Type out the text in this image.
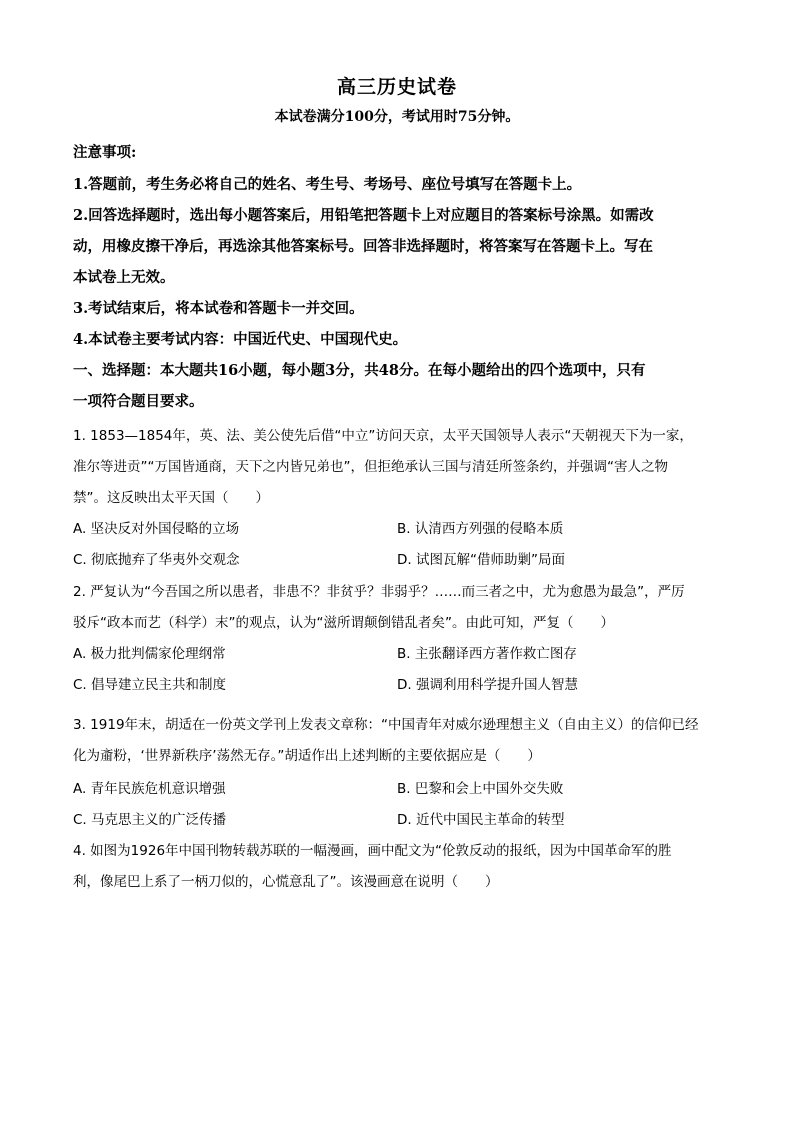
高三历史试卷
本试卷满分100分，考试用时75分钟。
注意事项:
1.答题前，考生务必将自己的姓名、考生号、考场号、座位号填写在答题卡上。
2.回答选择题时，选出每小题答案后，用铅笔把答题卡上对应题目的答案标号涂黑。如需改
动，用橡皮擦干净后，再选涂其他答案标号。回答非选择题时，将答案写在答题卡上。写在
本试卷上无效。
3.考试结束后，将本试卷和答题卡一并交回。
4.本试卷主要考试内容：中国近代史、中国现代史。
一、选择题：本大题共16小题，每小题3分，共48分。在每小题给出的四个选项中，只有
一项符合题目要求。
1. 1853—1854年，英、法、美公使先后借“中立”访问天京，太平天国领导人表示“天朝视天下为一家，
准尔等进贡”“万国皆通商，天下之内皆兄弟也”，但拒绝承认三国与清廷所签条约，并强调“害人之物
禁”。这反映出太平天国（　　）
A. 坚决反对外国侵略的立场	B. 认清西方列强的侵略本质
C. 彻底抛弃了华夷外交观念	D. 试图瓦解“借师助剿”局面
2. 严复认为“今吾国之所以患者，非患不？非贫乎？非弱乎？……而三者之中，尤为愈愚为最急”，严厉
驳斥“政本而艺（科学）末”的观点，认为“滋所谓颠倒错乱者矣”。由此可知，严复（　　）
A. 极力批判儒家伦理纲常	B. 主张翻译西方著作救亡图存
C. 倡导建立民主共和制度	D. 强调利用科学提升国人智慧
3. 1919年末，胡适在一份英文学刊上发表文章称：“中国青年对威尔逊理想主义（自由主义）的信仰已经
化为齑粉，‘世界新秩序’荡然无存。”胡适作出上述判断的主要依据应是（　　）
A. 青年民族危机意识增强	B. 巴黎和会上中国外交失败
C. 马克思主义的广泛传播	D. 近代中国民主革命的转型
4. 如图为1926年中国刊物转载苏联的一幅漫画，画中配文为“伦敦反动的报纸，因为中国革命军的胜
利，像尾巴上系了一柄刀似的，心慌意乱了”。该漫画意在说明（　　）
